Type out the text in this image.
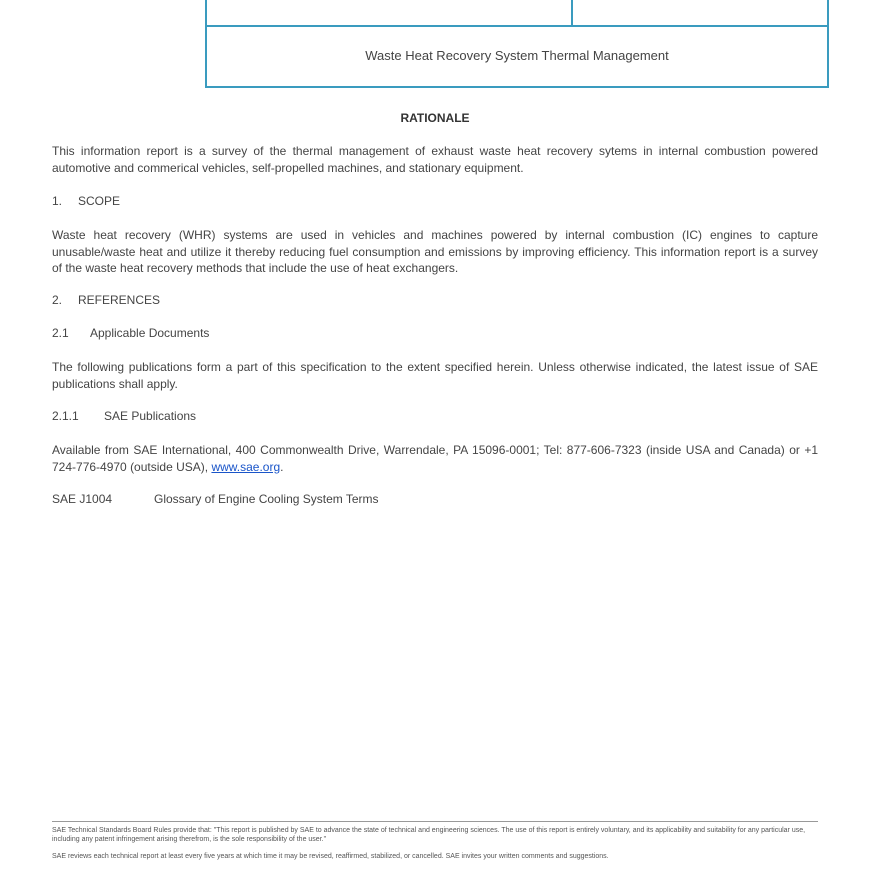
Waste Heat Recovery System Thermal Management
RATIONALE
This information report is a survey of the thermal management of exhaust waste heat recovery sytems in internal combustion powered automotive and commerical vehicles, self-propelled machines, and stationary equipment.
1. SCOPE
Waste heat recovery (WHR) systems are used in vehicles and machines powered by internal combustion (IC) engines to capture unusable/waste heat and utilize it thereby reducing fuel consumption and emissions by improving efficiency. This information report is a survey of the waste heat recovery methods that include the use of heat exchangers.
2. REFERENCES
2.1 Applicable Documents
The following publications form a part of this specification to the extent specified herein. Unless otherwise indicated, the latest issue of SAE publications shall apply.
2.1.1 SAE Publications
Available from SAE International, 400 Commonwealth Drive, Warrendale, PA 15096-0001; Tel: 877-606-7323 (inside USA and Canada) or +1 724-776-4970 (outside USA), www.sae.org.
SAE J1004	Glossary of Engine Cooling System Terms
SAE Technical Standards Board Rules provide that: "This report is published by SAE to advance the state of technical and engineering sciences. The use of this report is entirely voluntary, and its applicability and suitability for any particular use, including any patent infringement arising therefrom, is the sole responsibility of the user."
SAE reviews each technical report at least every five years at which time it may be revised, reaffirmed, stabilized, or cancelled. SAE invites your written comments and suggestions.
